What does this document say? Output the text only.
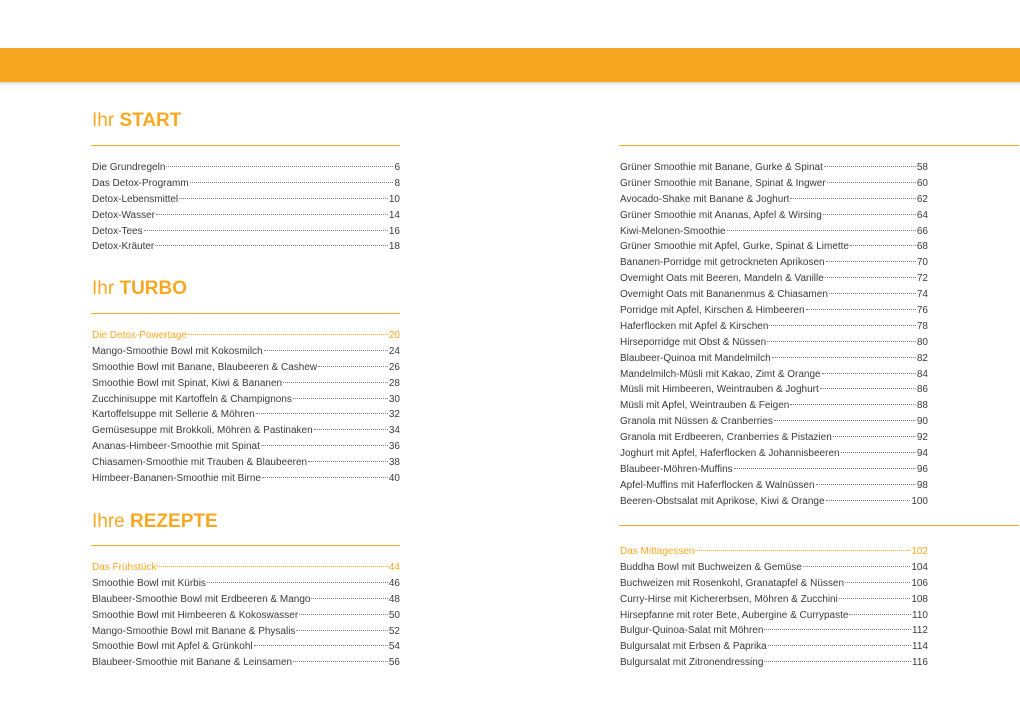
Ihr START
Die Grundregeln	6
Das Detox-Programm	8
Detox-Lebensmittel	10
Detox-Wasser	14
Detox-Tees	16
Detox-Kräuter	18
Ihr TURBO
Die Detox-Powertage	20
Mango-Smoothie Bowl mit Kokosmilch	24
Smoothie Bowl mit Banane, Blaubeeren & Cashew	26
Smoothie Bowl mit Spinat, Kiwi & Bananen	28
Zucchinisuppe mit Kartoffeln & Champignons	30
Kartoffelsuppe mit Sellerie & Möhren	32
Gemüsesuppe mit Brokkoli, Möhren & Pastinaken	34
Ananas-Himbeer-Smoothie mit Spinat	36
Chiasamen-Smoothie mit Trauben & Blaubeeren	38
Himbeer-Bananen-Smoothie mit Birne	40
Ihre REZEPTE
Das Frühstück	44
Smoothie Bowl mit Kürbis	46
Blaubeer-Smoothie Bowl mit Erdbeeren & Mango	48
Smoothie Bowl mit Himbeeren & Kokoswasser	50
Mango-Smoothie Bowl mit Banane & Physalis	52
Smoothie Bowl mit Apfel & Grünkohl	54
Blaubeer-Smoothie mit Banane & Leinsamen	56
Grüner Smoothie mit Banane, Gurke & Spinat	58
Grüner Smoothie mit Banane, Spinat & Ingwer	60
Avocado-Shake mit Banane & Joghurt	62
Grüner Smoothie mit Ananas, Apfel & Wirsing	64
Kiwi-Melonen-Smoothie	66
Grüner Smoothie mit Apfel, Gurke, Spinat & Limette	68
Bananen-Porridge mit getrockneten Aprikosen	70
Overnight Oats mit Beeren, Mandeln & Vanille	72
Overnight Oats mit Bananenmus & Chiasamen	74
Porridge mit Apfel, Kirschen & Himbeeren	76
Haferflocken mit Apfel & Kirschen	78
Hirseporridge mit Obst & Nüssen	80
Blaubeer-Quinoa mit Mandelmilch	82
Mandelmilch-Müsli mit Kakao, Zimt & Orange	84
Müsli mit Himbeeren, Weintrauben & Joghurt	86
Müsli mit Apfel, Weintrauben & Feigen	88
Granola mit Nüssen & Cranberries	90
Granola mit Erdbeeren, Cranberries & Pistazien	92
Joghurt mit Apfel, Haferflocken & Johannisbeeren	94
Blaubeer-Möhren-Muffins	96
Apfel-Muffins mit Haferflocken & Walnüssen	98
Beeren-Obstsalat mit Aprikose, Kiwi & Orange	100
Das Mittagessen	102
Buddha Bowl mit Buchweizen & Gemüse	104
Buchweizen mit Rosenkohl, Granatapfel & Nüssen	106
Curry-Hirse mit Kichererbsen, Möhren & Zucchini	108
Hirsepfanne mit roter Bete, Aubergine & Currypaste	110
Bulgur-Quinoa-Salat mit Möhren	112
Bulgursalat mit Erbsen & Paprika	114
Bulgursalat mit Zitronendressing	116
